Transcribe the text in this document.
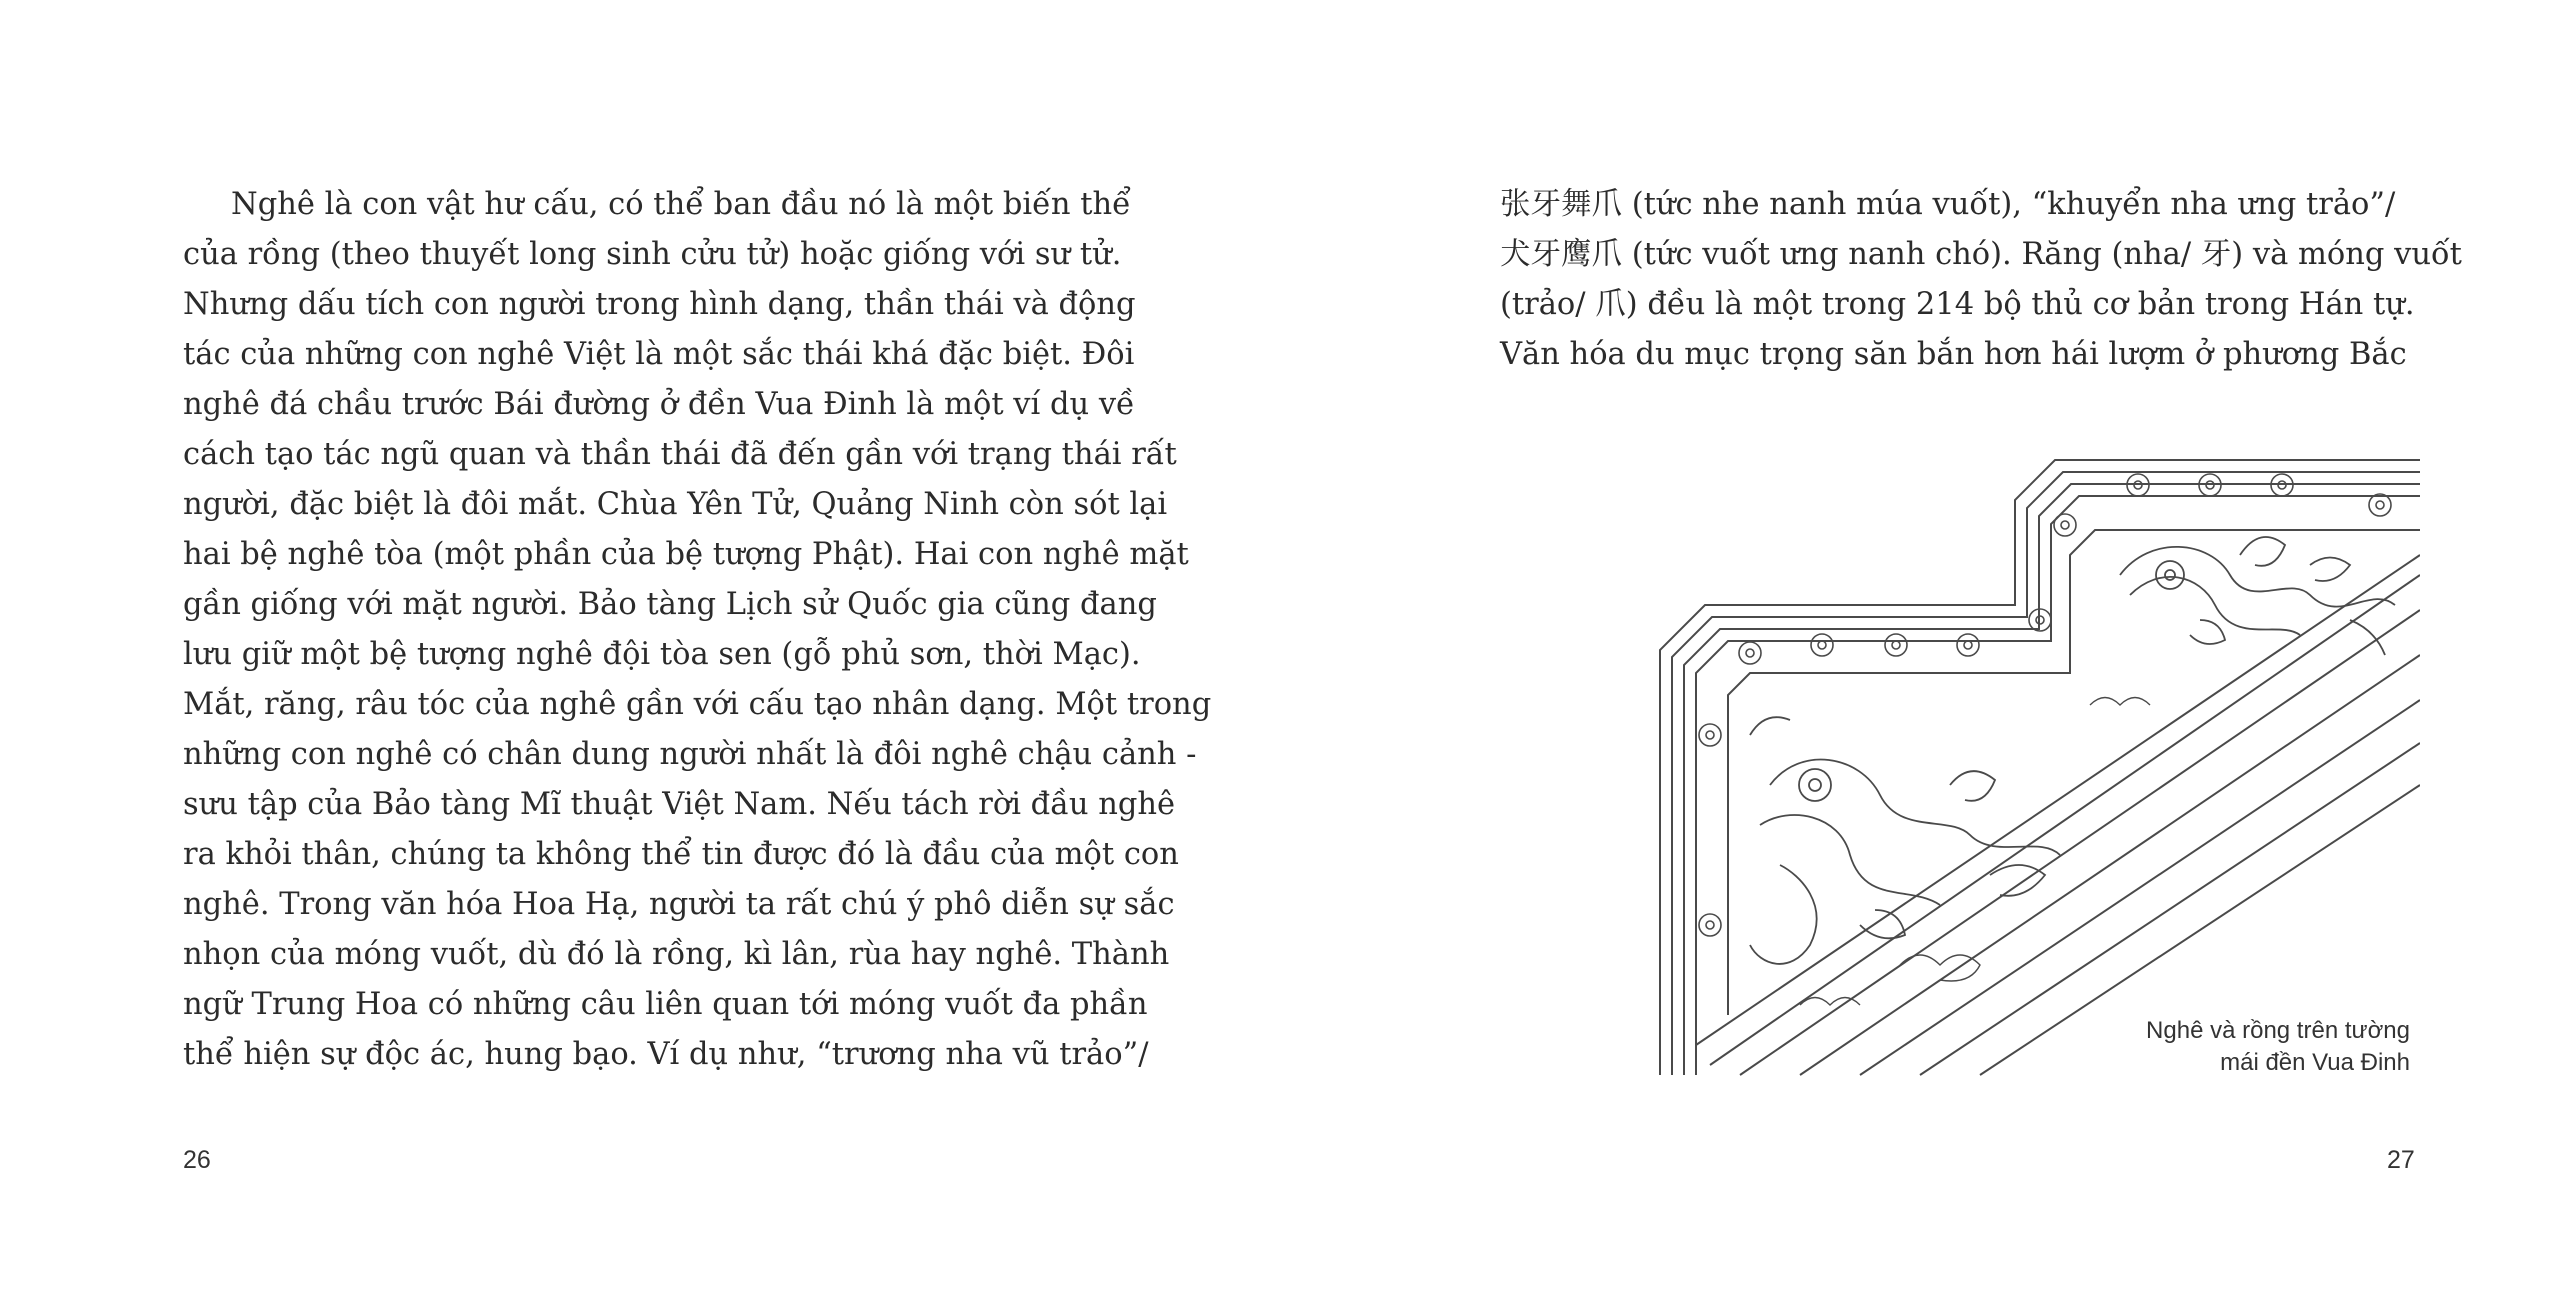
Nghê là con vật hư cấu, có thể ban đầu nó là một biến thể
của rồng (theo thuyết long sinh cửu tử) hoặc giống với sư tử.
Nhưng dấu tích con người trong hình dạng, thần thái và động
tác của những con nghê Việt là một sắc thái khá đặc biệt. Đôi
nghê đá chầu trước Bái đường ở đền Vua Đinh là một ví dụ về
cách tạo tác ngũ quan và thần thái đã đến gần với trạng thái rất
người, đặc biệt là đôi mắt. Chùa Yên Tử, Quảng Ninh còn sót lại
hai bệ nghê tòa (một phần của bệ tượng Phật). Hai con nghê mặt
gần giống với mặt người. Bảo tàng Lịch sử Quốc gia cũng đang
lưu giữ một bệ tượng nghê đội tòa sen (gỗ phủ sơn, thời Mạc).
Mắt, răng, râu tóc của nghê gần với cấu tạo nhân dạng. Một trong
những con nghê có chân dung người nhất là đôi nghê chậu cảnh -
sưu tập của Bảo tàng Mĩ thuật Việt Nam. Nếu tách rời đầu nghê
ra khỏi thân, chúng ta không thể tin được đó là đầu của một con
nghê. Trong văn hóa Hoa Hạ, người ta rất chú ý phô diễn sự sắc
nhọn của móng vuốt, dù đó là rồng, kì lân, rùa hay nghê. Thành
ngữ Trung Hoa có những câu liên quan tới móng vuốt đa phần
thể hiện sự độc ác, hung bạo. Ví dụ như, “trương nha vũ trảo”/
26
张牙舞爪 (tức nhe nanh múa vuốt), “khuyển nha ưng trảo”/
犬牙鹰爪 (tức vuốt ưng nanh chó). Răng (nha/ 牙) và móng vuốt
(trảo/ 爪) đều là một trong 214 bộ thủ cơ bản trong Hán tự.
Văn hóa du mục trọng săn bắn hơn hái lượm ở phương Bắc
Nghê và rồng trên tường
mái đền Vua Đinh
27
